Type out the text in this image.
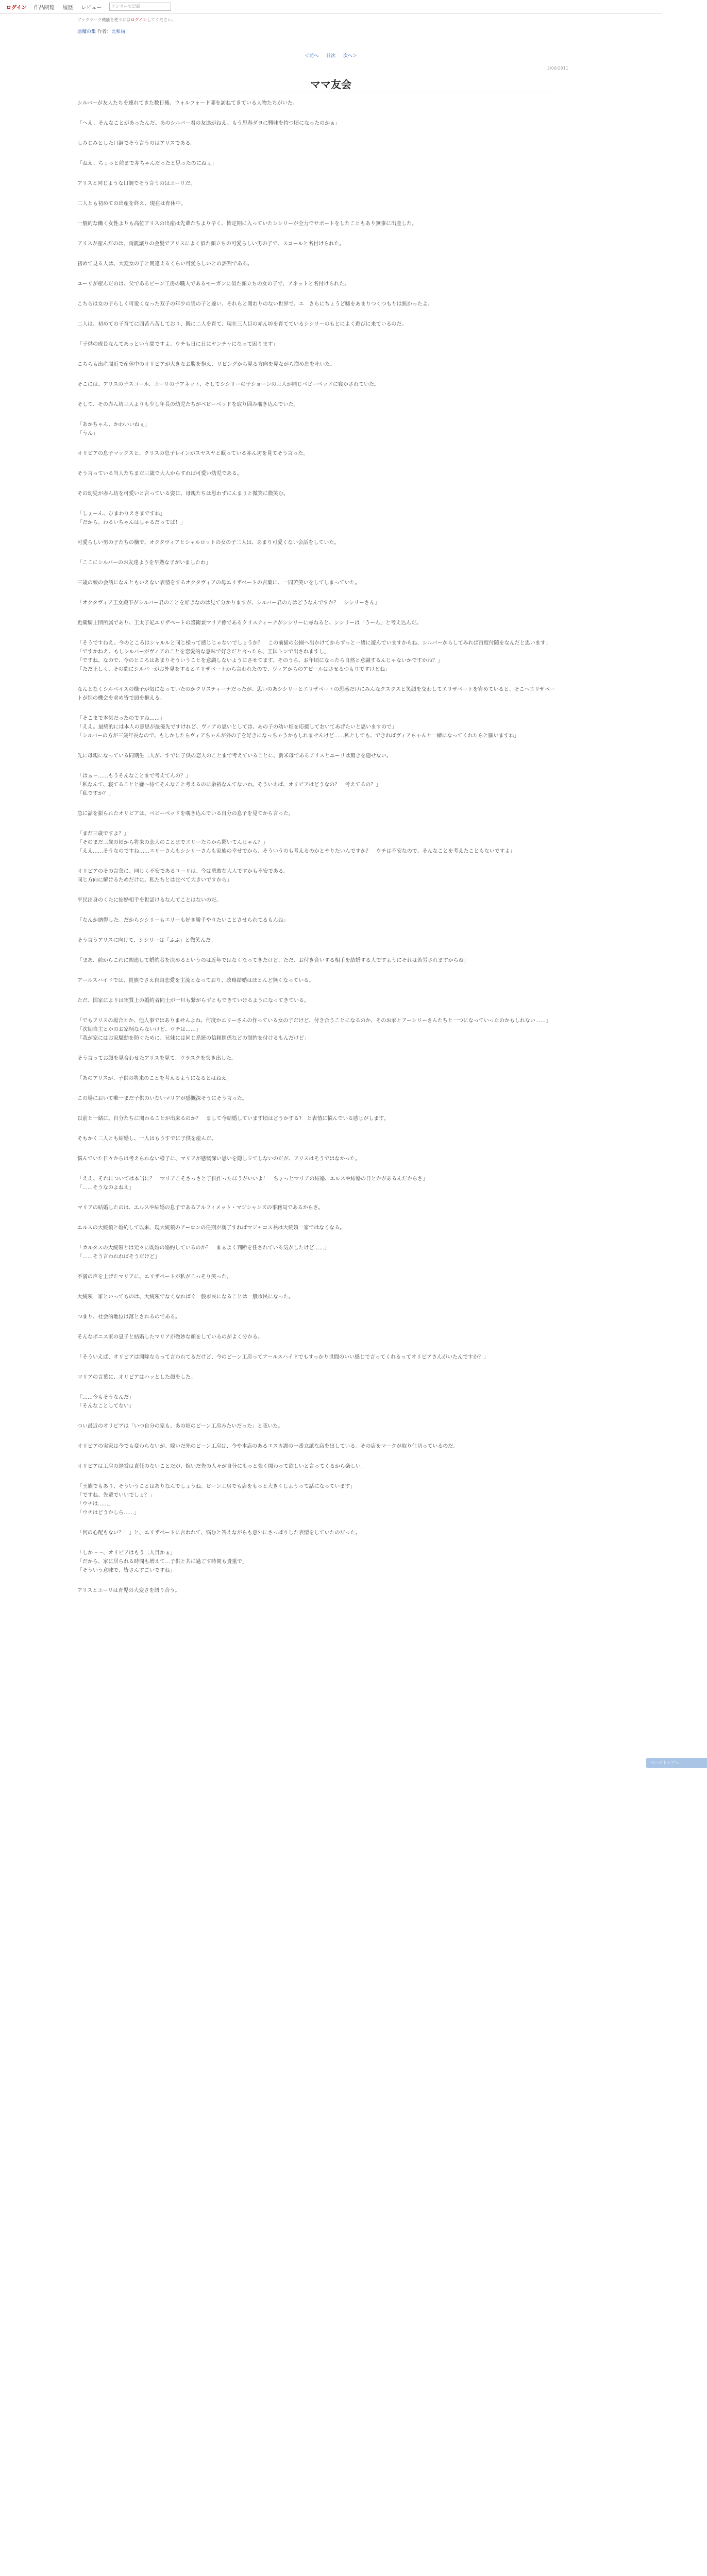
ログイン	作品閲覧	履歴	レビュー	アンサーで記録
ブックマーク機能を使うにはログインしてください。
悪魔の集 作者：比和尚
＜前へ 目次 次へ＞
2/06/2011
ママ友会

シルバーが友人たちを連れてきた数日後、ウォルフォード邸を訪ねてきている人物たちがいた。

「ヘえ、そんなことがあったんだ。あのシルバー君の友達がねえ。もう思春ダヨに興味を持つ頃になったのかぁ」

しみじみとした口調でそう言うのはアリスである。

「ねえ、ちょっと前まで赤ちゃんだったと思ったのにねぇ」

アリスと同じような口調でそう言うのはユーリだ。

二人とも初めての出産を終え、現在は育休中。

一般的な働く女性よりも高位アリスの出産は先輩たちより早く、皆定期に入っていたシシリーが全力でサポートをしたこともあり無事に出産した。

アリスが産んだのは、両親譲りの金髪でアリスによく似た顔立ちの可愛らしい男の子で、スコールと名付けられた。

初めて見る人は、大変女の子と間違えるくらい可愛らしいとの評判である。

ユーリが産んだのは、父であるビーン工房の職人であるモーガンに似た顔立ちの女の子で、アネットと名付けられた。

こちらは女の子らしく可愛くなった双子の年少の男の子と違い、それらと関わりのない世界で、エ　さらにちょうど嘘をあまりつくつもりは無かったよ。

二人は、初めての子育てに四苦八苦しており、既に二人を育て、現在三人目の赤ん坊を育てているシシリーのもとによく遊びに来ているのだ。

「子供の成長なんてあっという間ですよ。ウチも日に日にヤンチャになって困ります」

こちらも出産間近で産休中のオリビアが大きなお腹を抱え、リビングから見る方向を見ながら溜め息を吐いた。

そこには、アリスの子スコール、ユーリの子アネット、そしてシシリーの子ショーンの三人が同じベビーベッドに寝かされていた。

そして、その赤ん坊三人よりも少し年長の幼児たちがベビーベッドを取り囲み覗き込んでいた。

「あかちゃん、かわいいねぇ」
「うん」

オリビアの息子マックスと、クリスの息子レインがスヤスヤと眠っている赤ん坊を見てそう言った。

そう言っている当人たちまだ三歳で大人からすれば可愛い幼児である。

その幼児が赤ん坊を可愛いと言っている姿に、母親たちは思わずにんまりと微笑に微笑む。

「しょーん、ひまわりえさまですね」
「だから、わるいちゃんはしゃるだってば！」

可愛らしい男の子たちの横で、オクタヴィアとシャルロットの女の子二人は、あまり可愛くない会話をしていた。

「ここにシルバーのお友達ようを早熟な子がいましたわ」

三歳の娘の会話になんともいえない表情をするオクタヴィアの母エリザベートの言葉に、一同苦笑いをしてしまっていた。

「オクタヴィア王女殿下がシルバー君のことを好きなのは見て分かりますが、シルバー君の方はどうなんですか？　シシリーさん」

近衛騎士団所属であり、王太子妃エリザベートの護衛兼マリア係であるクリスティーナがシシリーに尋ねると、シシリーは「うーん」と考え込んだ。

「そうですねえ。今のところはシャルルと同じ様って感じじゃないでしょうか？　この前猫の公園へ出かけてからずっと一緒に遊んでいますからね、シルバーからしてみれば百度付随をなんだと思います」
「ですかねえ、もしシルバーがヴィアのことを恋愛的な意味で好きだと言ったら、王国トンで出されますし」
「ですね。なので、今のところはあまりそういうことを意識しないようにさせてます。そのうち、お年頃になったら自然と意識するんじゃないかですかね？」
「ただ正しく、その間にシルバーがお外見をするとエリザベートから言われたので、ヴィアからのアピールはさせるつもりですけどね」

なんとなくシルベイスの様子が気になっていたのかクリスティーナだったが、思いのあシシリーとエリザベートの思惑だけにみんなクスクスと笑顔を交わしてエリザベートを宥めていると、そこへエリザベートが別の機会を求め皆で頭を抱える。

「そこまで本気だったのですね……」
「ええ。最終的には本人の意思が最優先ですけれど、ヴィアの思いとしては、あの子の幼い頃を応援しておいてあげたいと思いますので」
「シルバーの方が三歳年長なので、もしかしたらヴィアちゃんが外の子を好きになっちゃうかもしれませんけど……私としても、できればヴィアちゃんと一緒になってくれたらと願いますね」

先に母親になっている同期生二人が、すでに子供の恋人のことまで考えていることに、新米母であるアリスとユーリは驚きを隠せない。

「はぁ〜……もうそんなことまで考えてんの？」
「私なんて、寝てることと嫌〜待てそんなこと考えるのに余裕なんてないわ。そういえば、オリビアはどうなの？　考えてるの？」
「私ですか？」

急に話を振られたオリビアは、ベビーベッドを覗き込んでいる自分の息子を見てから言った。

「まだ三歳ですよ？」
「そのまだ三歳の頃から将来の恋人のことまでエリーたちから聞いてんじゃん？」
「ええ……そうなのですね……エリーさんもシシリーさんも家族の幸せでから、そういうのも考えるのかとやりたいんですか？　ウチは不安なので、そんなことを考えたこともないですよ」

オリビアのその言葉に、同じく不安であるユーリは、今は勇敢な大人ですかも不安である。
同じ方向に解けるためだけに、私たちとは比べて大きいですから」

平民出身のくたに結婚相手を世話けるなんてことはないのだ。

「なんか納得した。だからシシリーもエリーも好き勝手やりたいことさせられてるもんね」

そう言うアリスに向けて、シシリーは「ふふ」と微笑んだ。

「まあ、前からこれに関連して婚約者を決めるというのは近年ではなくなってきたけど、ただ、お付き合いする相手を結婚する人ですようにそれは苦労されますからね」

アールスハイドでは、貴族でさえ自由恋愛を主流となっており、政略結婚はほとんど無くなっている。

ただ、国家によりは実質上の婚約者同士が一旦も繋がらずともできていけるようになってきている。

「でもアリスの場合とか、他人事ではありませんよね、何度かエリーさんの作っている女の子だけど、付き合うことになるのか、そのお家とアーシリーさんたちと一つになっていったのかもしれない……」
「次期当主とかのお家柄ならないけど、ウチは……」
「我が家にはお家騒動を防ぐために、兄妹には同じ系統の信頼関係などの制約を付けるもんだけど」

そう言ってお顔を見合わせたアリスを見て、ウラスクを突き出した。

「あのアリスが、子供の将来のことを考えるようになるとはねえ」

この場において唯一まだ子供のいないマリアが感慨深そうにそう言った。

以前と一緒に、自分たちに関わることが出来るのか？　まして今結婚しています頃はどうかする?　と表情に悩んでいる感じがします。

そもかく二人とも結婚し、一人はもうすでに子供を産んだ。

悩んでいた日々からは考えられない様子に、マリアが感慨深い思いを隠し立てしないのだが、アリスはそうではなかった。

「ええ、それについては本当に？　マリアこそさっさと子供作ったほうがいいよ！　ちょっとマリアの結婚、エルスや結婚の日とかがあるんだからさ」
「……そうなのよねえ」

マリアの結婚したのは、エルスや結婚の息子であるアルフィメット・マジシャンズの事務局であるからさ。

エルスの大統領と婚約して以来、現大統領のアーロンの任期が満了すればマジャコス長は大統領一家ではなくなる。

「カルタスの大統領とは元々に既婚の婚約しているのか？　まぁよく判断を任されている気がしたけど……」
「……そう言われればそうだけど」

不満の声を上げたマリアに、エリザベートが私がこっそり笑った。

大統領一家といってものは、大統領でなくなればぐ一般市民になることは一般市民になった。

つまり、社会的地位は落とされるのである。

そんなボニス家の息子と結婚したマリアが微妙な顔をしているのがよく分かる。

「そういえば、オリビアは開除ならって言われてるだけど、今のビーン工房ってアールスハイドでもすっかり世間のいい感じで言ってくれるってオリビアさんがいたんですか？」

マリアの言葉に、オリビアはハッとした顔をした。

「……今もそうなんだ」
「そんなことしてない」

つい最近のオリビアは「いつ自分の家も、あの頃のビーン工房みたいだった」と呟いた。

オリビアの実家は今でも変わらないが、嫁いだ先のビーン工房は、今や本店のあるエスカ湖の一番立派な店を出している。その店をマークが取り仕切っているのだ。

オリビアは工房の経営は責任のないことだが、嫁いだ先の人々が自分にもっと強く関わって欲しいと言ってくるから楽しい。

「王族でもあり、そういうことはありなんでしょうね。ビーン工房でも店をもっと大きくしようって話になっています」
「ですね、先輩でいいでしょ？」
「ウチは……」
「ウチはどうかしら……」

「何の心配もない？！」と、エリザベートに言われて、悩むと答えながらも意外にさっぱりした表情をしていたのだった。

「しか〜〜、オリビアはもう二人目かぁ」
「だから、家に居られる時間も増えて…子供と共に過ごす時間も貴重で」
「そういう意味で、皆さんすごいですね」

アリスとユーリは育児の大変さを語り合う。

ページトップへ
